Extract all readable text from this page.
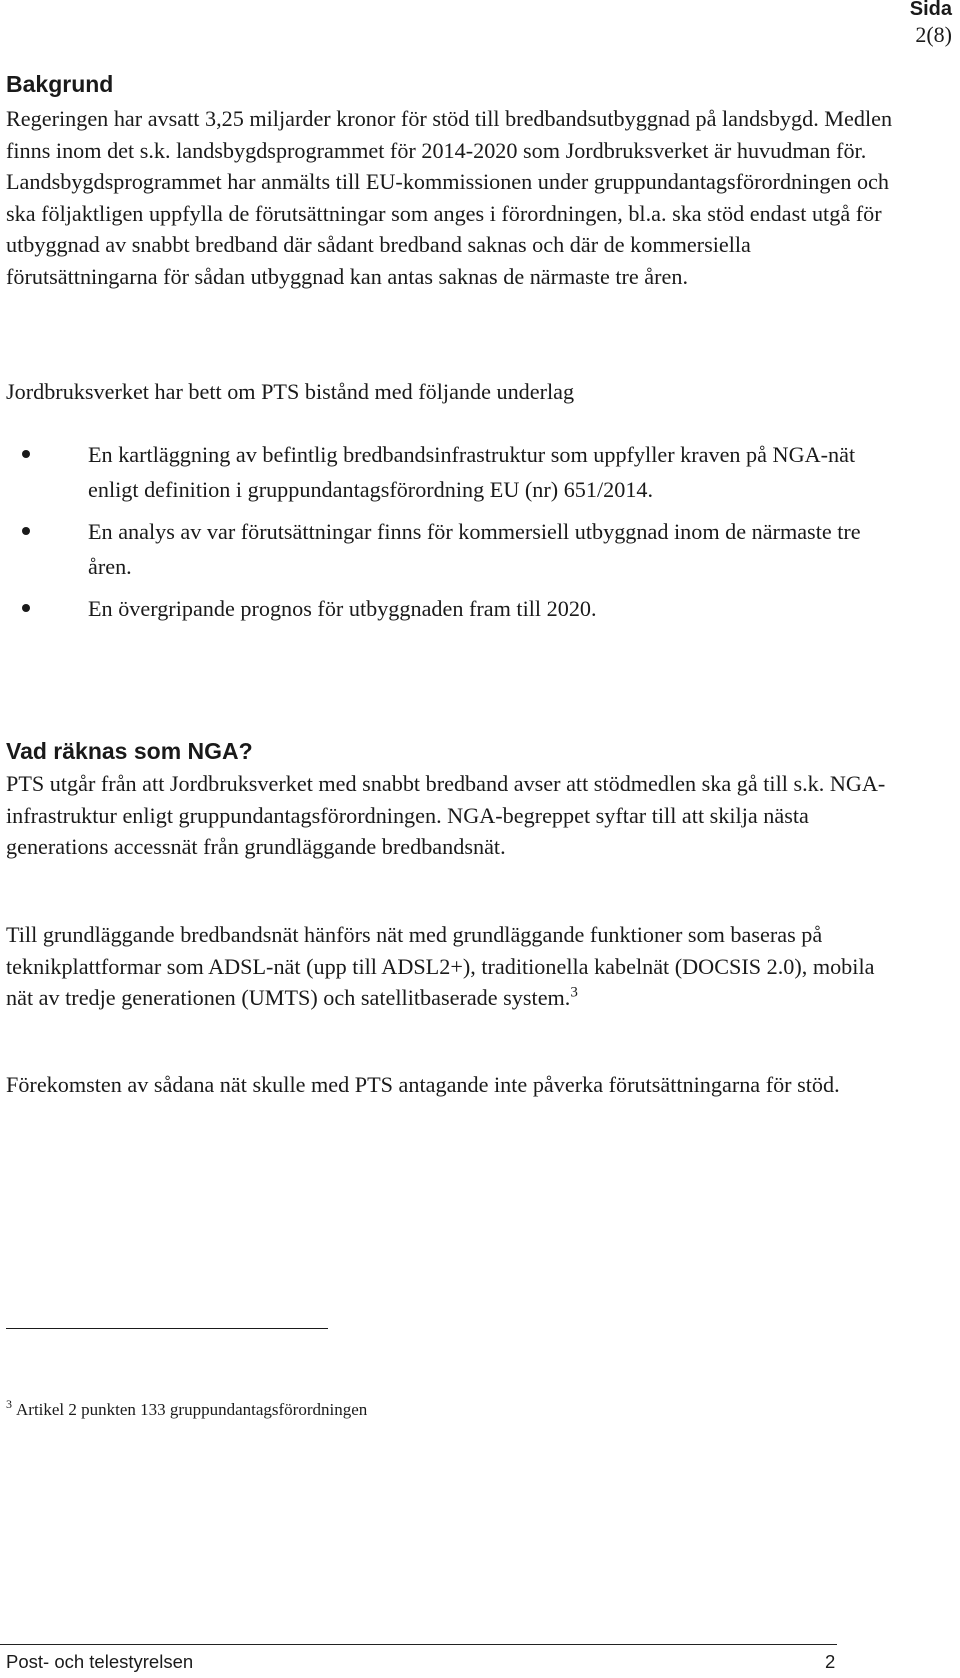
Sida
2(8)
Bakgrund

Regeringen har avsatt 3,25 miljarder kronor för stöd till bredbandsutbyggnad på landsbygd. Medlen finns inom det s.k. landsbygdsprogrammet för 2014-2020 som Jordbruksverket är huvudman för. Landsbygdsprogrammet har anmälts till EU-kommissionen under gruppundantagsförordningen och ska följaktligen uppfylla de förutsättningar som anges i förordningen, bl.a. ska stöd endast utgå för utbyggnad av snabbt bredband där sådant bredband saknas och där de kommersiella förutsättningarna för sådan utbyggnad kan antas saknas de närmaste tre åren.

Jordbruksverket har bett om PTS bistånd med följande underlag

En kartläggning av befintlig bredbandsinfrastruktur som uppfyller kraven på NGA-nät enligt definition i gruppundantagsförordning EU (nr) 651/2014.
En analys av var förutsättningar finns för kommersiell utbyggnad inom de närmaste tre åren.
En övergripande prognos för utbyggnaden fram till 2020.
Vad räknas som NGA?

PTS utgår från att Jordbruksverket med snabbt bredband avser att stödmedlen ska gå till s.k. NGA-infrastruktur enligt gruppundantagsförordningen. NGA-begreppet syftar till att skilja nästa generations accessnät från grundläggande bredbandsnät.

Till grundläggande bredbandsnät hänförs nät med grundläggande funktioner som baseras på teknikplattformar som ADSL-nät (upp till ADSL2+), traditionella kabelnät (DOCSIS 2.0), mobila nät av tredje generationen (UMTS) och satellitbaserade system.$^3$

Förekomsten av sådana nät skulle med PTS antagande inte påverka förutsättningarna för stöd.

$^3$ Artikel 2 punkten 133 gruppundantagsförordningen
Post- och telestyrelsen	2
